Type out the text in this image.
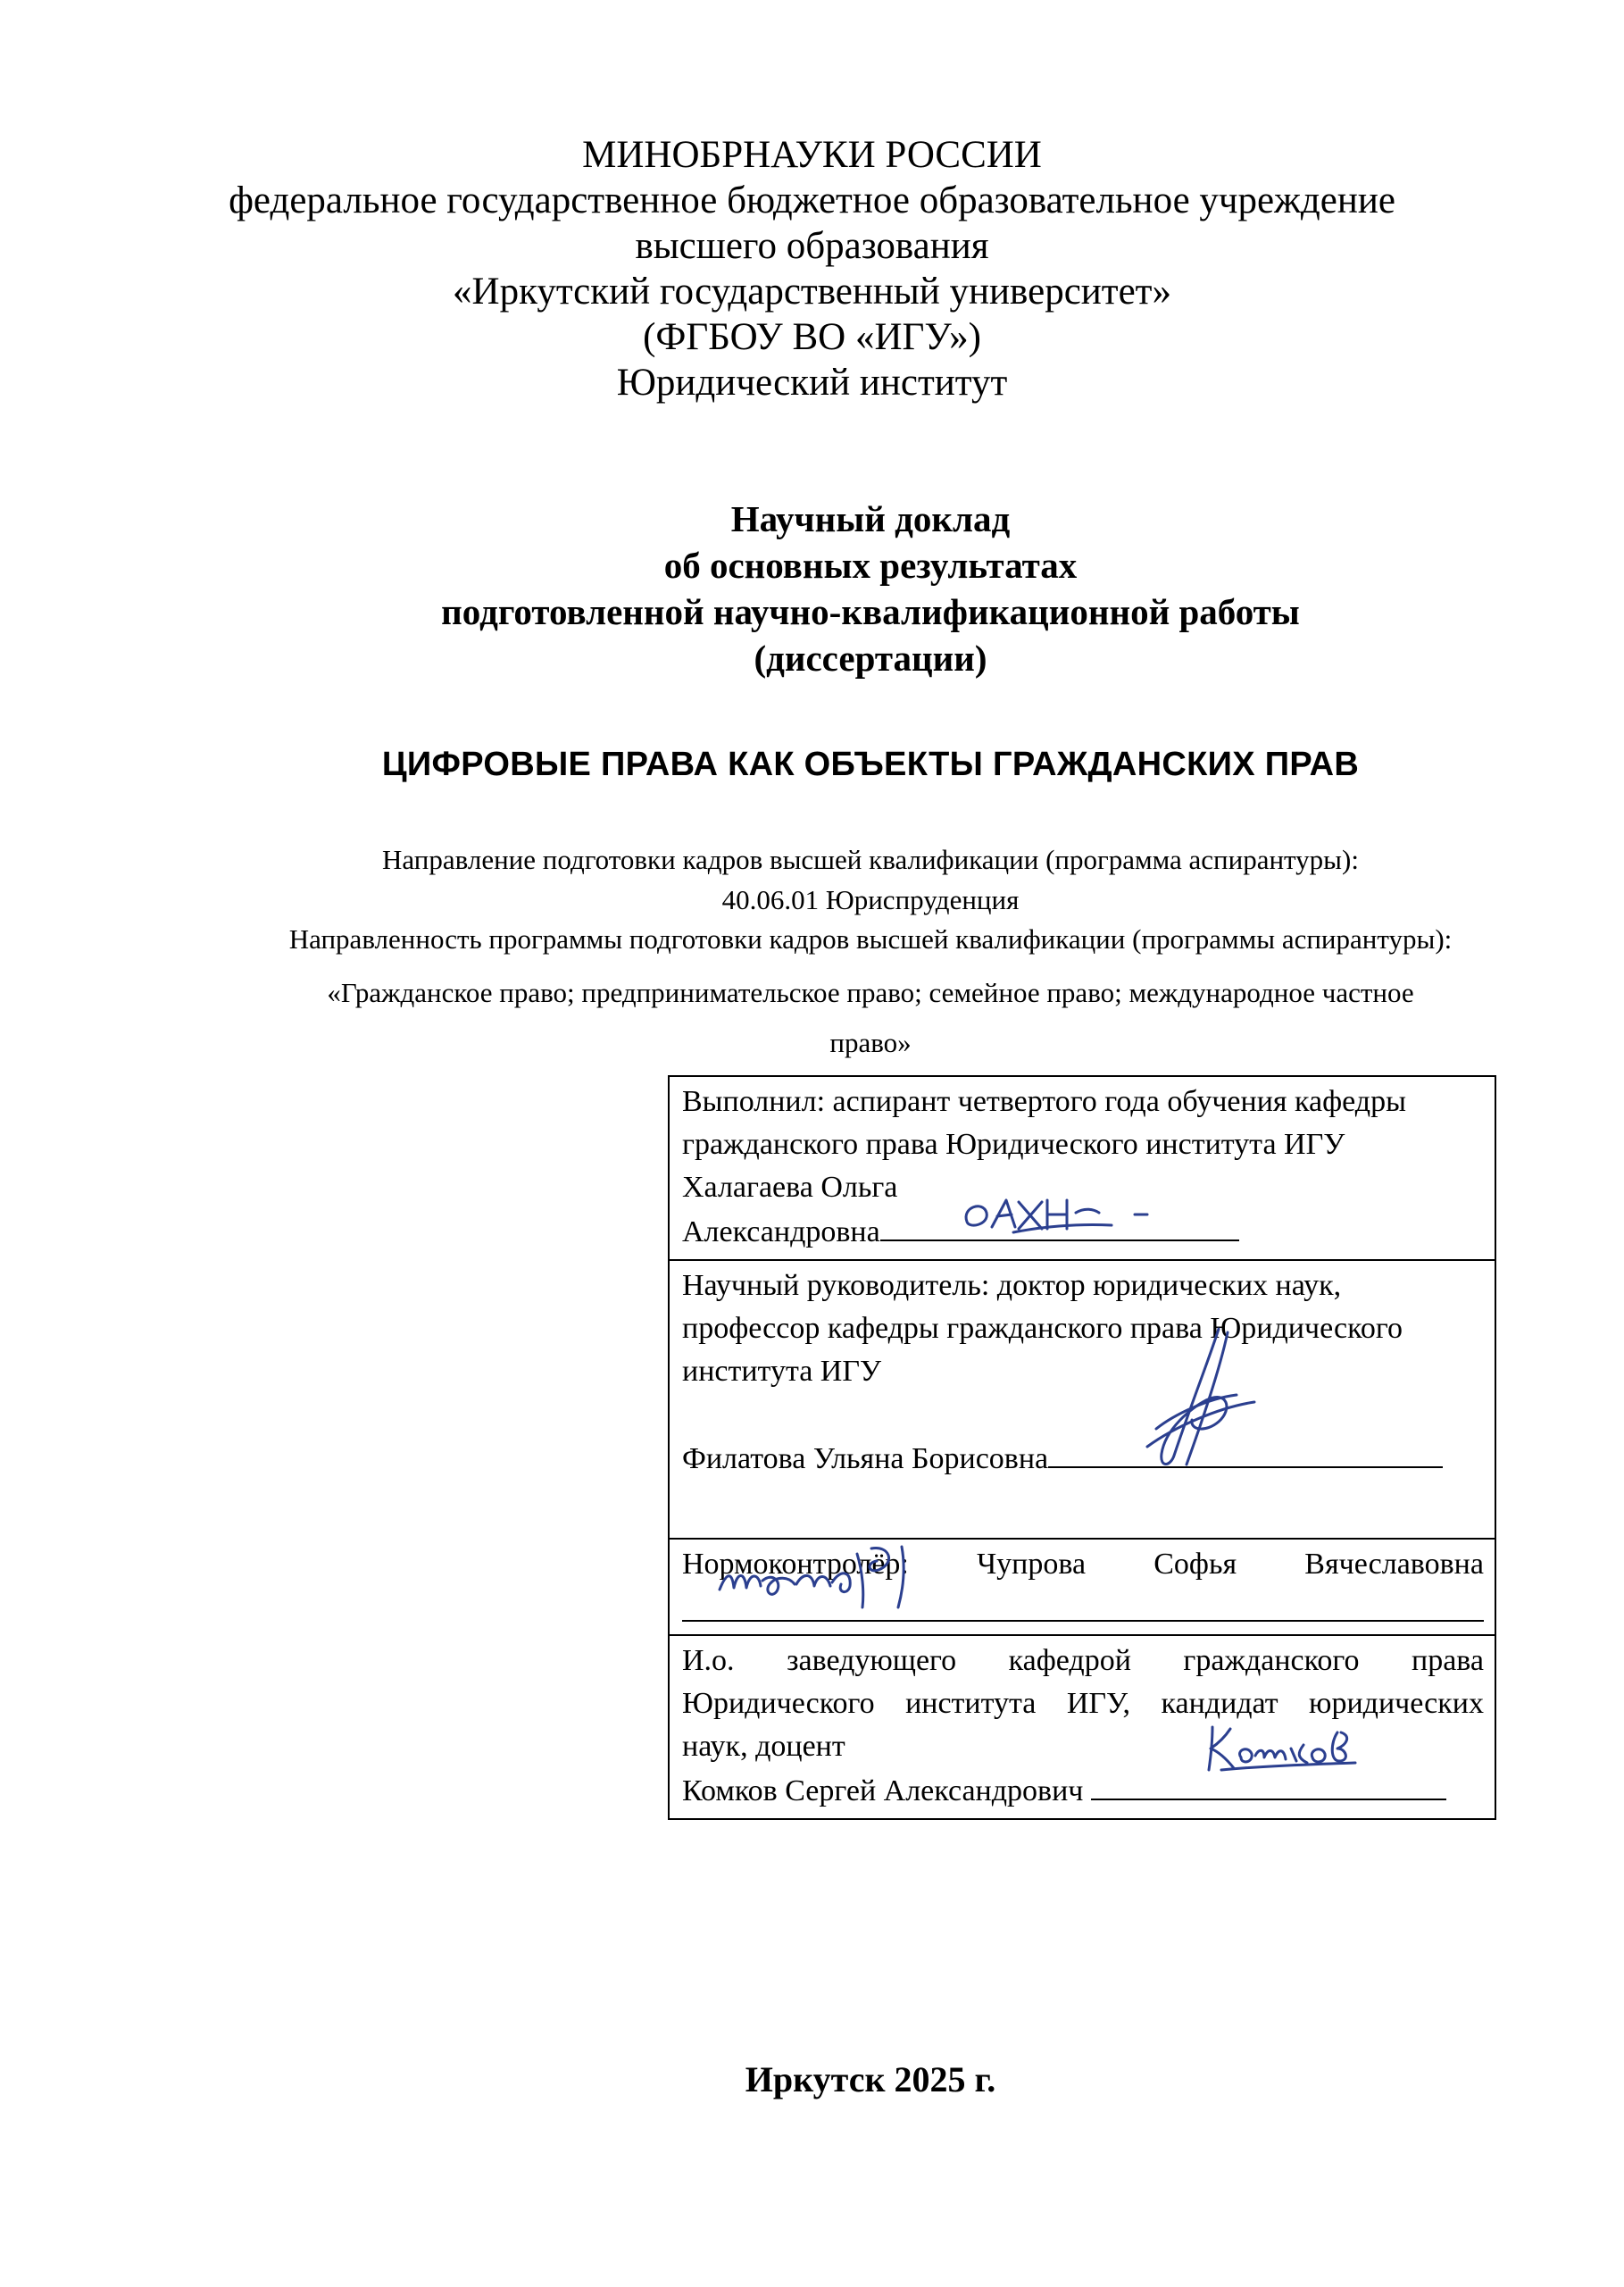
МИНОБРНАУКИ РОССИИ
федеральное государственное бюджетное образовательное учреждение
высшего образования
«Иркутский государственный университет»
(ФГБОУ ВО «ИГУ»)
Юридический институт
Научный доклад
об основных результатах
подготовленной научно-квалификационной работы
(диссертации)
ЦИФРОВЫЕ ПРАВА КАК ОБЪЕКТЫ ГРАЖДАНСКИХ ПРАВ
Направление подготовки кадров высшей квалификации (программа аспирантуры):
40.06.01 Юриспруденция
Направленность программы подготовки кадров высшей квалификации (программы аспирантуры):
«Гражданское право; предпринимательское право; семейное право; международное частное
право»
Выполнил: аспирант четвертого года обучения кафедры
гражданского права Юридического института ИГУ
Халагаева Ольга
Александровна

Научный руководитель: доктор юридических наук,
профессор кафедры гражданского права Юридического
института ИГУ
Филатова Ульяна Борисовна

Нормоконтролёр: Чупрова Софья Вячеславовна

И.о. заведующего кафедрой гражданского права
Юридического института ИГУ, кандидат юридических
наук, доцент
Комков Сергей Александрович
Иркутск 2025 г.
